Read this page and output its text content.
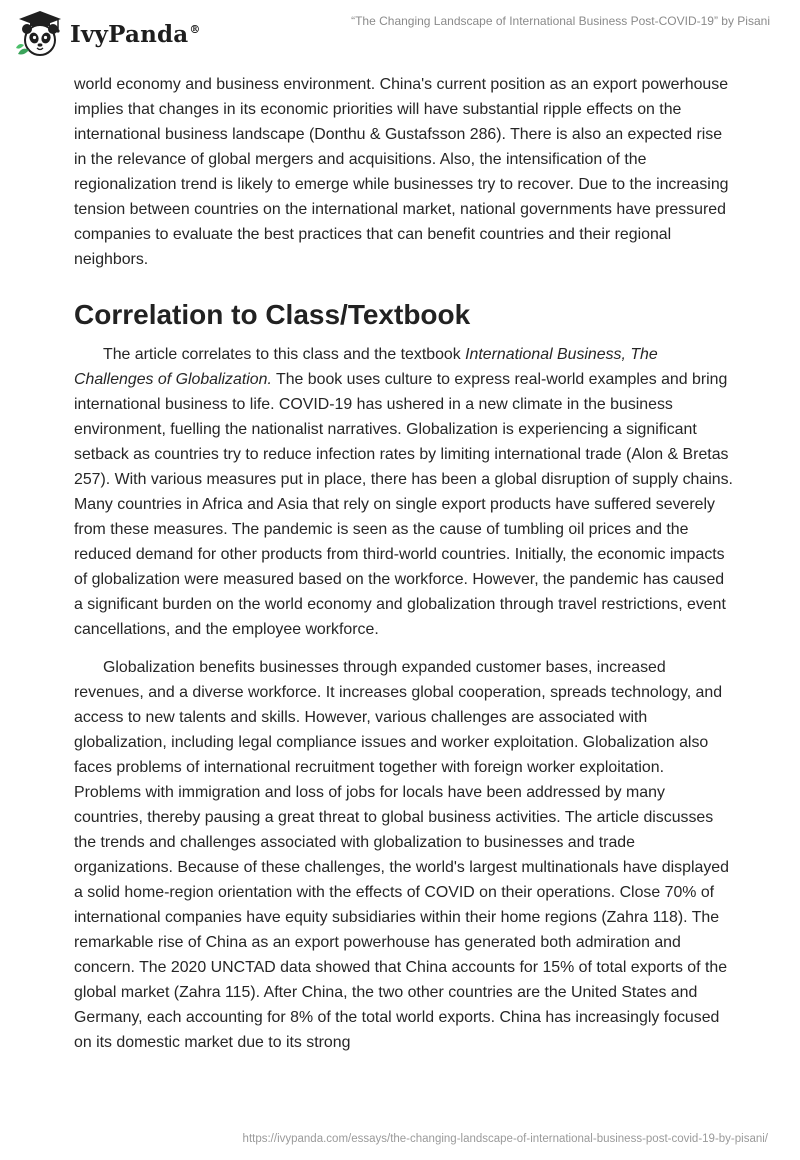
IvyPanda®
“The Changing Landscape of International Business Post-COVID-19” by Pisani

world economy and business environment. China's current position as an export powerhouse implies that changes in its economic priorities will have substantial ripple effects on the international business landscape (Donthu & Gustafsson 286). There is also an expected rise in the relevance of global mergers and acquisitions. Also, the intensification of the regionalization trend is likely to emerge while businesses try to recover. Due to the increasing tension between countries on the international market, national governments have pressured companies to evaluate the best practices that can benefit countries and their regional neighbors.

Correlation to Class/Textbook

The article correlates to this class and the textbook International Business, The Challenges of Globalization. The book uses culture to express real-world examples and bring international business to life. COVID-19 has ushered in a new climate in the business environment, fuelling the nationalist narratives. Globalization is experiencing a significant setback as countries try to reduce infection rates by limiting international trade (Alon & Bretas 257). With various measures put in place, there has been a global disruption of supply chains. Many countries in Africa and Asia that rely on single export products have suffered severely from these measures. The pandemic is seen as the cause of tumbling oil prices and the reduced demand for other products from third-world countries. Initially, the economic impacts of globalization were measured based on the workforce. However, the pandemic has caused a significant burden on the world economy and globalization through travel restrictions, event cancellations, and the employee workforce.

Globalization benefits businesses through expanded customer bases, increased revenues, and a diverse workforce. It increases global cooperation, spreads technology, and access to new talents and skills. However, various challenges are associated with globalization, including legal compliance issues and worker exploitation. Globalization also faces problems of international recruitment together with foreign worker exploitation. Problems with immigration and loss of jobs for locals have been addressed by many countries, thereby pausing a great threat to global business activities. The article discusses the trends and challenges associated with globalization to businesses and trade organizations. Because of these challenges, the world's largest multinationals have displayed a solid home-region orientation with the effects of COVID on their operations. Close 70% of international companies have equity subsidiaries within their home regions (Zahra 118). The remarkable rise of China as an export powerhouse has generated both admiration and concern. The 2020 UNCTAD data showed that China accounts for 15% of total exports of the global market (Zahra 115). After China, the two other countries are the United States and Germany, each accounting for 8% of the total world exports. China has increasingly focused on its domestic market due to its strong

https://ivypanda.com/essays/the-changing-landscape-of-international-business-post-covid-19-by-pisani/
